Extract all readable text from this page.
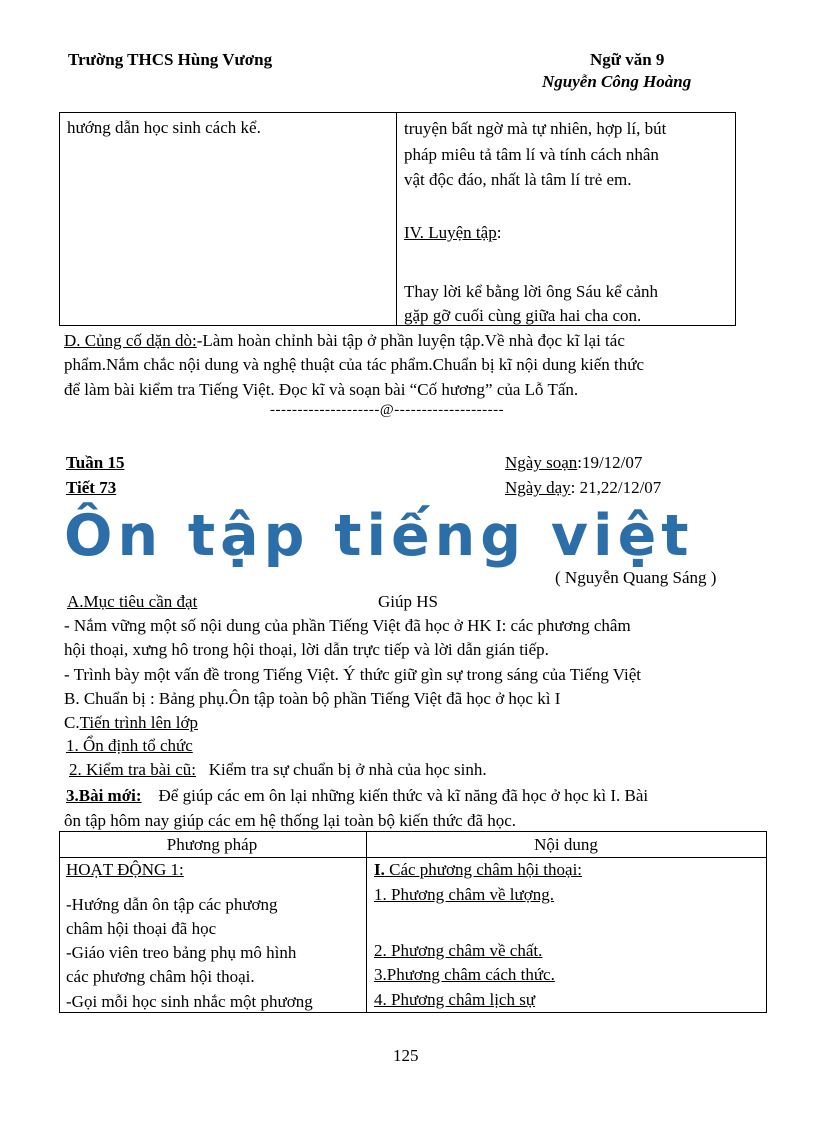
Trường THCS Hùng Vương	Ngữ văn 9
Nguyễn Công Hoàng
hướng dẫn học sinh cách kể.	truyện bất ngờ mà tự nhiên, hợp lí, bút
pháp miêu tả tâm lí và tính cách nhân
vật độc đáo, nhất là tâm lí trẻ em.
IV. Luyện tập:
Thay lời kể bằng lời ông Sáu kể cảnh
gặp gỡ cuối cùng giữa hai cha con.
D. Củng cố dặn dò:-Làm hoàn chỉnh bài tập ở phần luyện tập.Về nhà đọc kĩ lại tác
phẩm.Nắm chắc nội dung và nghệ thuật của tác phẩm.Chuẩn bị kĩ nội dung kiến thức
để làm bài kiểm tra Tiếng Việt. Đọc kĩ và soạn bài “Cố hương” của Lỗ Tấn.
--------------------@--------------------
Tuần 15
Tiết 73
Ngày soạn:19/12/07
Ngày dạy: 21,22/12/07
Ôn tập tiếng việt
( Nguyễn Quang Sáng )
A.Mục tiêu cần đạt	Giúp HS
- Nắm vững một số nội dung của phần Tiếng Việt đã học ở HK I: các phương châm
hội thoại, xưng hô trong hội thoại, lời dẫn trực tiếp và lời dẫn gián tiếp.
- Trình bày một vấn đề trong Tiếng Việt. Ý thức giữ gìn sự trong sáng của Tiếng Việt
B. Chuẩn bị : Bảng phụ.Ôn tập toàn bộ phần Tiếng Việt đã học ở học kì I
C.Tiến trình lên lớp
1. Ổn định tổ chức
2. Kiểm tra bài cũ: Kiểm tra sự chuẩn bị ở nhà của học sinh.
3.Bài mới: Để giúp các em ôn lại những kiến thức và kĩ năng đã học ở học kì I. Bài
ôn tập hôm nay giúp các em hệ thống lại toàn bộ kiến thức đã học.
Phương pháp	Nội dung
HOẠT ĐỘNG 1:
-Hướng dẫn ôn tập các phương
châm hội thoại đã học
-Giáo viên treo bảng phụ mô hình
các phương châm hội thoại.
-Gọi mỗi học sinh nhắc một phương
I. Các phương châm hội thoại:
1. Phương châm về lượng.
2. Phương châm về chất.
3.Phương châm cách thức.
4. Phương châm lịch sự
125
